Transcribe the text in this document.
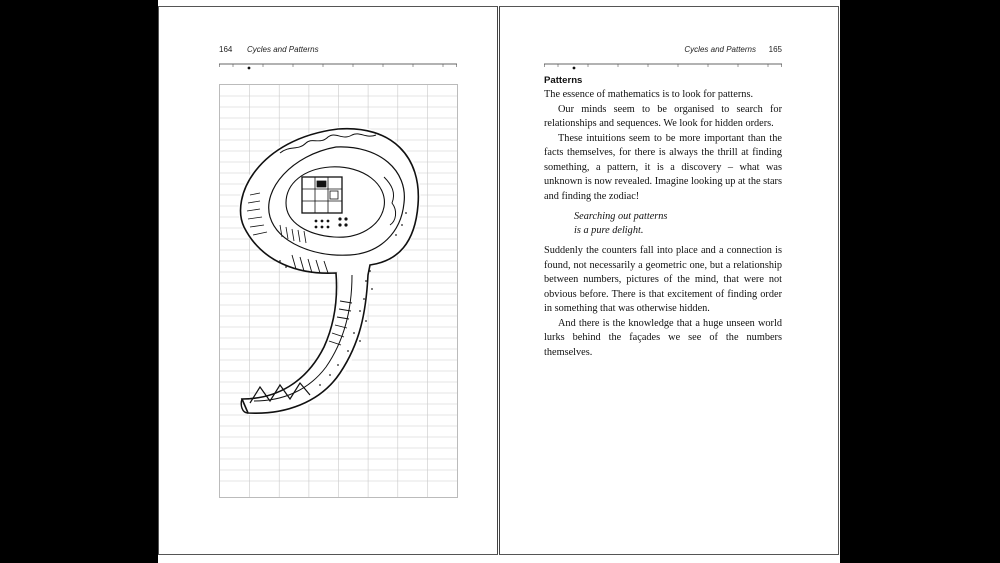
164 Cycles and Patterns	Cycles and Patterns 165
Patterns

The essence of mathematics is to look for patterns.

Our minds seem to be organised to search for relationships and sequences. We look for hidden orders.

These intuitions seem to be more important than the facts themselves, for there is always the thrill at finding something, a pattern, it is a discovery – what was unknown is now revealed. Imagine looking up at the stars and finding the zodiac!

Searching out patterns
is a pure delight.

Suddenly the counters fall into place and a connection is found, not necessarily a geometric one, but a relationship between numbers, pictures of the mind, that were not obvious before. There is that excitement of finding order in something that was otherwise hidden.

And there is the knowledge that a huge unseen world lurks behind the façades we see of the numbers themselves.
